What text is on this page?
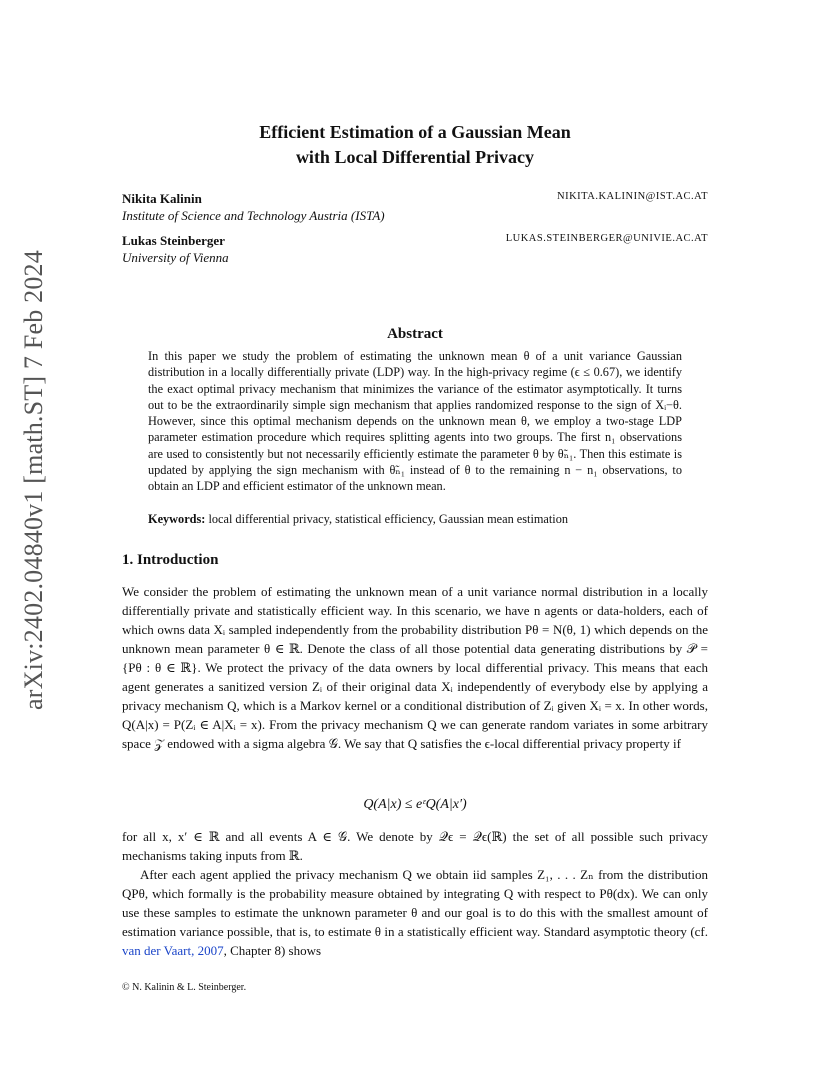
arXiv:2402.04840v1 [math.ST] 7 Feb 2024
Efficient Estimation of a Gaussian Mean
with Local Differential Privacy
Nikita Kalinin
Institute of Science and Technology Austria (ISTA)
NIKITA.KALININ@IST.AC.AT
Lukas Steinberger
University of Vienna
LUKAS.STEINBERGER@UNIVIE.AC.AT
Abstract
In this paper we study the problem of estimating the unknown mean θ of a unit variance Gaussian distribution in a locally differentially private (LDP) way. In the high-privacy regime (ϵ ≤ 0.67), we identify the exact optimal privacy mechanism that minimizes the variance of the estimator asymptotically. It turns out to be the extraordinarily simple sign mechanism that applies randomized response to the sign of Xᵢ−θ. However, since this optimal mechanism depends on the unknown mean θ, we employ a two-stage LDP parameter estimation procedure which requires splitting agents into two groups. The first n₁ observations are used to consistently but not necessarily efficiently estimate the parameter θ by θ̃ₙ₁. Then this estimate is updated by applying the sign mechanism with θ̃ₙ₁ instead of θ to the remaining n − n₁ observations, to obtain an LDP and efficient estimator of the unknown mean.
Keywords: local differential privacy, statistical efficiency, Gaussian mean estimation
1. Introduction
We consider the problem of estimating the unknown mean of a unit variance normal distribution in a locally differentially private and statistically efficient way. In this scenario, we have n agents or data-holders, each of which owns data Xᵢ sampled independently from the probability distribution Pθ = N(θ, 1) which depends on the unknown mean parameter θ ∈ ℝ. Denote the class of all those potential data generating distributions by 𝒫 = {Pθ : θ ∈ ℝ}. We protect the privacy of the data owners by local differential privacy. This means that each agent generates a sanitized version Zᵢ of their original data Xᵢ independently of everybody else by applying a privacy mechanism Q, which is a Markov kernel or a conditional distribution of Zᵢ given Xᵢ = x. In other words, Q(A|x) = P(Zᵢ ∈ A|Xᵢ = x). From the privacy mechanism Q we can generate random variates in some arbitrary space 𝒵 endowed with a sigma algebra 𝒢. We say that Q satisfies the ϵ-local differential privacy property if
Q(A|x) ≤ eᵋQ(A|x′)
for all x, x′ ∈ ℝ and all events A ∈ 𝒢. We denote by 𝒬ϵ = 𝒬ϵ(ℝ) the set of all possible such privacy mechanisms taking inputs from ℝ.
After each agent applied the privacy mechanism Q we obtain iid samples Z₁, . . . Zₙ from the distribution QPθ, which formally is the probability measure obtained by integrating Q with respect to Pθ(dx). We can only use these samples to estimate the unknown parameter θ and our goal is to do this with the smallest amount of estimation variance possible, that is, to estimate θ in a statistically efficient way. Standard asymptotic theory (cf. van der Vaart, 2007, Chapter 8) shows
© N. Kalinin & L. Steinberger.
